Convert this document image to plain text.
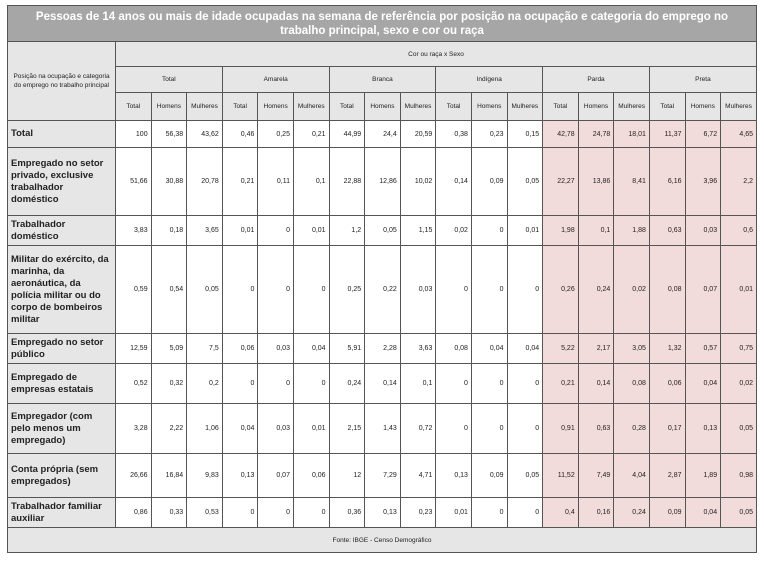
Pessoas de 14 anos ou mais de idade ocupadas na semana de referência por posição na ocupação e categoria do emprego no trabalho principal, sexo e cor ou raça																		
Posição na ocupação e categoria do emprego no trabalho principal	Cor ou raça x Sexo																	
	Total			Amarela			Branca			Indígena			Parda			Preta		
	Total	Homens	Mulheres	Total	Homens	Mulheres	Total	Homens	Mulheres	Total	Homens	Mulheres	Total	Homens	Mulheres	Total	Homens	Mulheres
Total	100	56,38	43,62	0,46	0,25	0,21	44,99	24,4	20,59	0,38	0,23	0,15	42,78	24,78	18,01	11,37	6,72	4,65
Empregado no setor privado, exclusive trabalhador doméstico	51,66	30,88	20,78	0,21	0,11	0,1	22,88	12,86	10,02	0,14	0,09	0,05	22,27	13,86	8,41	6,16	3,96	2,2
Trabalhador doméstico	3,83	0,18	3,65	0,01	0	0,01	1,2	0,05	1,15	0,02	0	0,01	1,98	0,1	1,88	0,63	0,03	0,6
Militar do exército, da marinha, da aeronáutica, da polícia militar ou do corpo de bombeiros militar	0,59	0,54	0,05	0	0	0	0,25	0,22	0,03	0	0	0	0,26	0,24	0,02	0,08	0,07	0,01
Empregado no setor público	12,59	5,09	7,5	0,06	0,03	0,04	5,91	2,28	3,63	0,08	0,04	0,04	5,22	2,17	3,05	1,32	0,57	0,75
Empregado de empresas estatais	0,52	0,32	0,2	0	0	0	0,24	0,14	0,1	0	0	0	0,21	0,14	0,08	0,06	0,04	0,02
Empregador (com pelo menos um empregado)	3,28	2,22	1,06	0,04	0,03	0,01	2,15	1,43	0,72	0	0	0	0,91	0,63	0,28	0,17	0,13	0,05
Conta própria (sem empregados)	26,66	16,84	9,83	0,13	0,07	0,06	12	7,29	4,71	0,13	0,09	0,05	11,52	7,49	4,04	2,87	1,89	0,98
Trabalhador familiar auxiliar	0,86	0,33	0,53	0	0	0	0,36	0,13	0,23	0,01	0	0	0,4	0,16	0,24	0,09	0,04	0,05
Fonte: IBGE - Censo Demográfico																		
